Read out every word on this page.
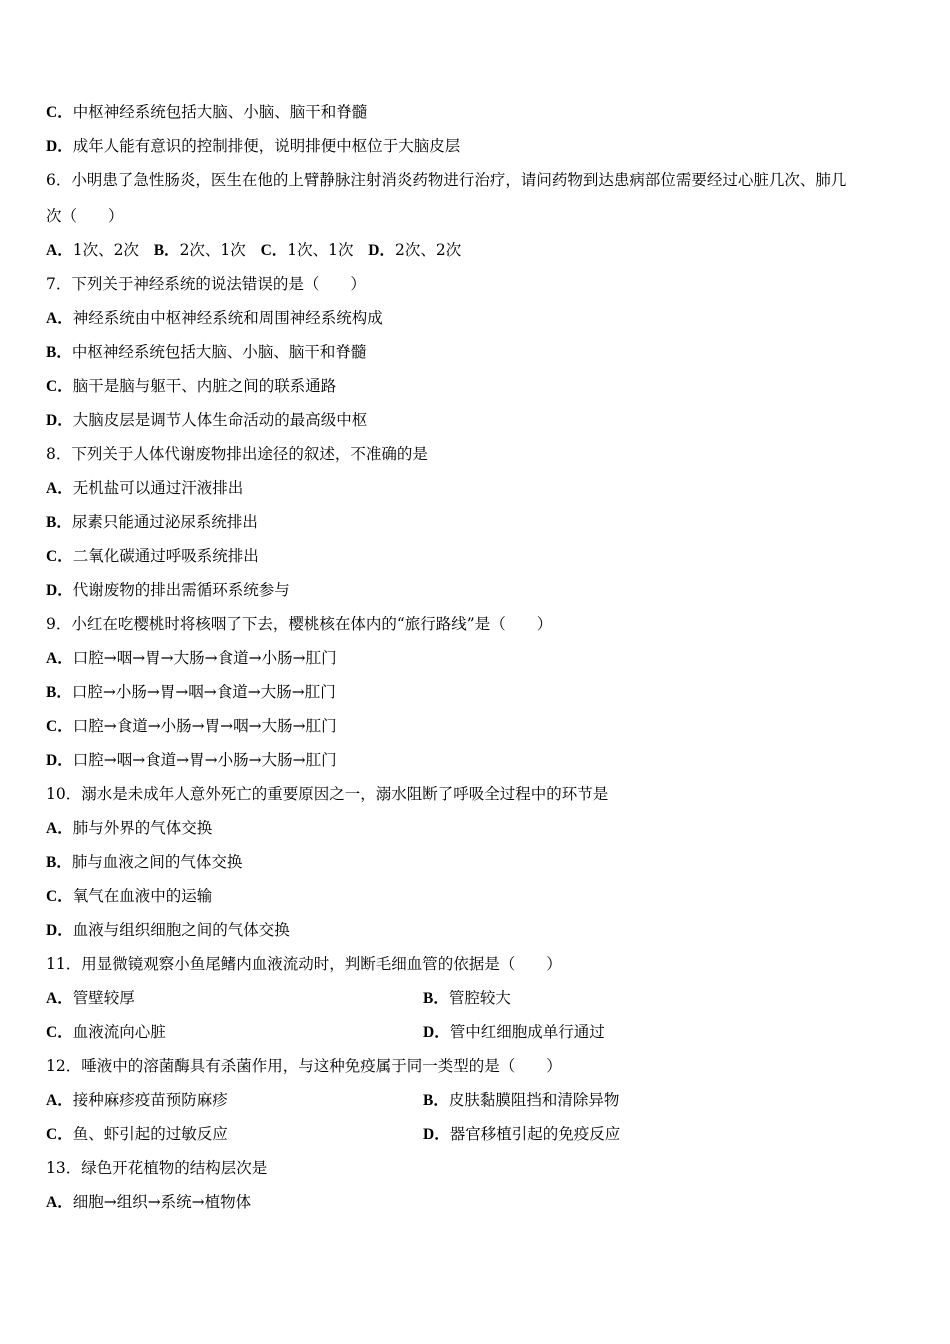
C．中枢神经系统包括大脑、小脑、脑干和脊髓
D．成年人能有意识的控制排便，说明排便中枢位于大脑皮层
6．小明患了急性肠炎，医生在他的上臂静脉注射消炎药物进行治疗，请问药物到达患病部位需要经过心脏几次、肺几
次（　　）
A．1次、2次 B．2次、1次 C．1次、1次 D．2次、2次
7．下列关于神经系统的说法错误的是（　　）
A．神经系统由中枢神经系统和周围神经系统构成
B．中枢神经系统包括大脑、小脑、脑干和脊髓
C．脑干是脑与躯干、内脏之间的联系通路
D．大脑皮层是调节人体生命活动的最高级中枢
8．下列关于人体代谢废物排出途径的叙述，不准确的是
A．无机盐可以通过汗液排出
B．尿素只能通过泌尿系统排出
C．二氧化碳通过呼吸系统排出
D．代谢废物的排出需循环系统参与
9．小红在吃樱桃时将核咽了下去，樱桃核在体内的“旅行路线”是（　　）
A．口腔→咽→胃→大肠→食道→小肠→肛门
B．口腔→小肠→胃→咽→食道→大肠→肛门
C．口腔→食道→小肠→胃→咽→大肠→肛门
D．口腔→咽→食道→胃→小肠→大肠→肛门
10．溺水是未成年人意外死亡的重要原因之一，溺水阻断了呼吸全过程中的环节是
A．肺与外界的气体交换
B．肺与血液之间的气体交换
C．氧气在血液中的运输
D．血液与组织细胞之间的气体交换
11．用显微镜观察小鱼尾鳍内血液流动时，判断毛细血管的依据是（　　）
A．管壁较厚	B．管腔较大
C．血液流向心脏	D．管中红细胞成单行通过
12．唾液中的溶菌酶具有杀菌作用，与这种免疫属于同一类型的是（　　）
A．接种麻疹疫苗预防麻疹	B．皮肤黏膜阻挡和清除异物
C．鱼、虾引起的过敏反应	D．器官移植引起的免疫反应
13．绿色开花植物的结构层次是
A．细胞→组织→系统→植物体
